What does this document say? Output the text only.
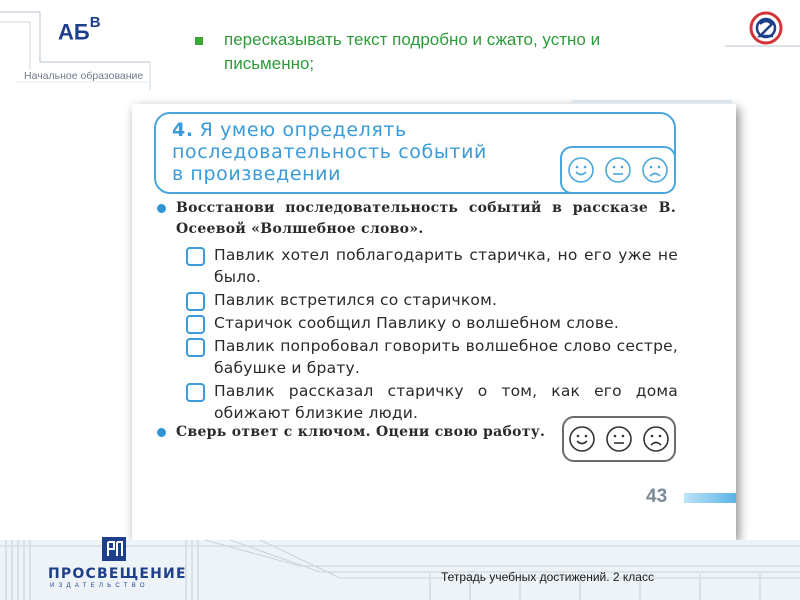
$АБ^В$
Начальное образование
пересказывать текст подробно и сжато, устно и письменно;
4. Я умею определять
последовательность событий
в произведении
Восстанови последовательность событий в рассказе В. Осеевой «Волшебное слово».
Павлик хотел поблагодарить старичка, но его уже не было.
Павлик встретился со старичком.
Старичок сообщил Павлику о волшебном слове.
Павлик попробовал говорить волшебное слово сестре, бабушке и брату.
Павлик рассказал старичку о том, как его дома обижают близкие люди.
Сверь ответ с ключом. Оцени свою работу.
43
ПРОСВЕЩЕНИЕ
ИЗДАТЕЛЬСТВО
Тетрадь учебных достижений. 2 класс
